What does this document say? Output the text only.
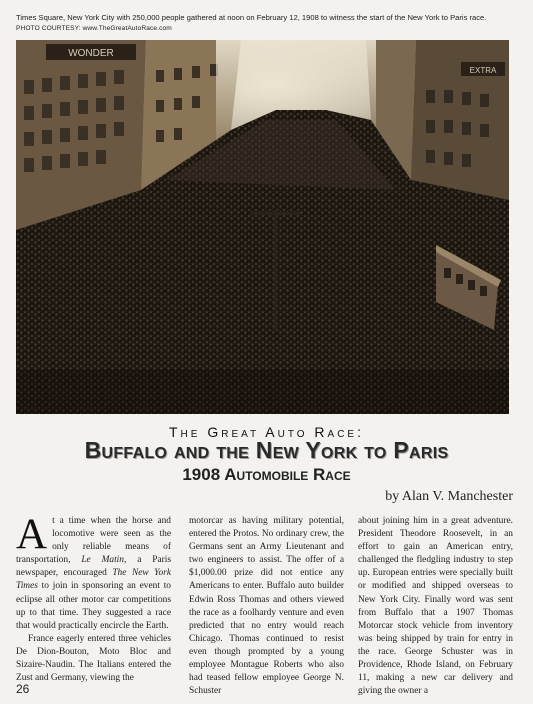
Times Square, New York City with 250,000 people gathered at noon on February 12, 1908 to witness the start of the New York to Paris race.
PHOTO COURTESY: www.TheGreatAutoRace.com
WONDER
EXTRA
The Great Auto Race:
Buffalo and the New York to Paris
1908 Automobile Race
by Alan V. Manchester

At a time when the horse and locomotive were seen as the only reliable means of transportation, Le Matin, a Paris newspaper, encouraged The New York Times to join in sponsoring an event to eclipse all other motor car competitions up to that time. They suggested a race that would practically encircle the Earth.

France eagerly entered three vehicles De Dion-Bouton, Moto Bloc and Sizaire-Naudin. The Italians entered the Zust and Germany, viewing the

motorcar as having military potential, entered the Protos. No ordinary crew, the Germans sent an Army Lieutenant and two engineers to assist. The offer of a $1,000.00 prize did not entice any Americans to enter. Buffalo auto builder Edwin Ross Thomas and others viewed the race as a foolhardy venture and even predicted that no entry would reach Chicago. Thomas continued to resist even though prompted by a young employee Montague Roberts who also had teased fellow employee George N. Schuster

about joining him in a great adventure. President Theodore Roosevelt, in an effort to gain an American entry, challenged the fledgling industry to step up. European entries were specially built or modified and shipped overseas to New York City. Finally word was sent from Buffalo that a 1907 Thomas Motorcar stock vehicle from inventory was being shipped by train for entry in the race. George Schuster was in Providence, Rhode Island, on February 11, making a new car delivery and giving the owner a

26
